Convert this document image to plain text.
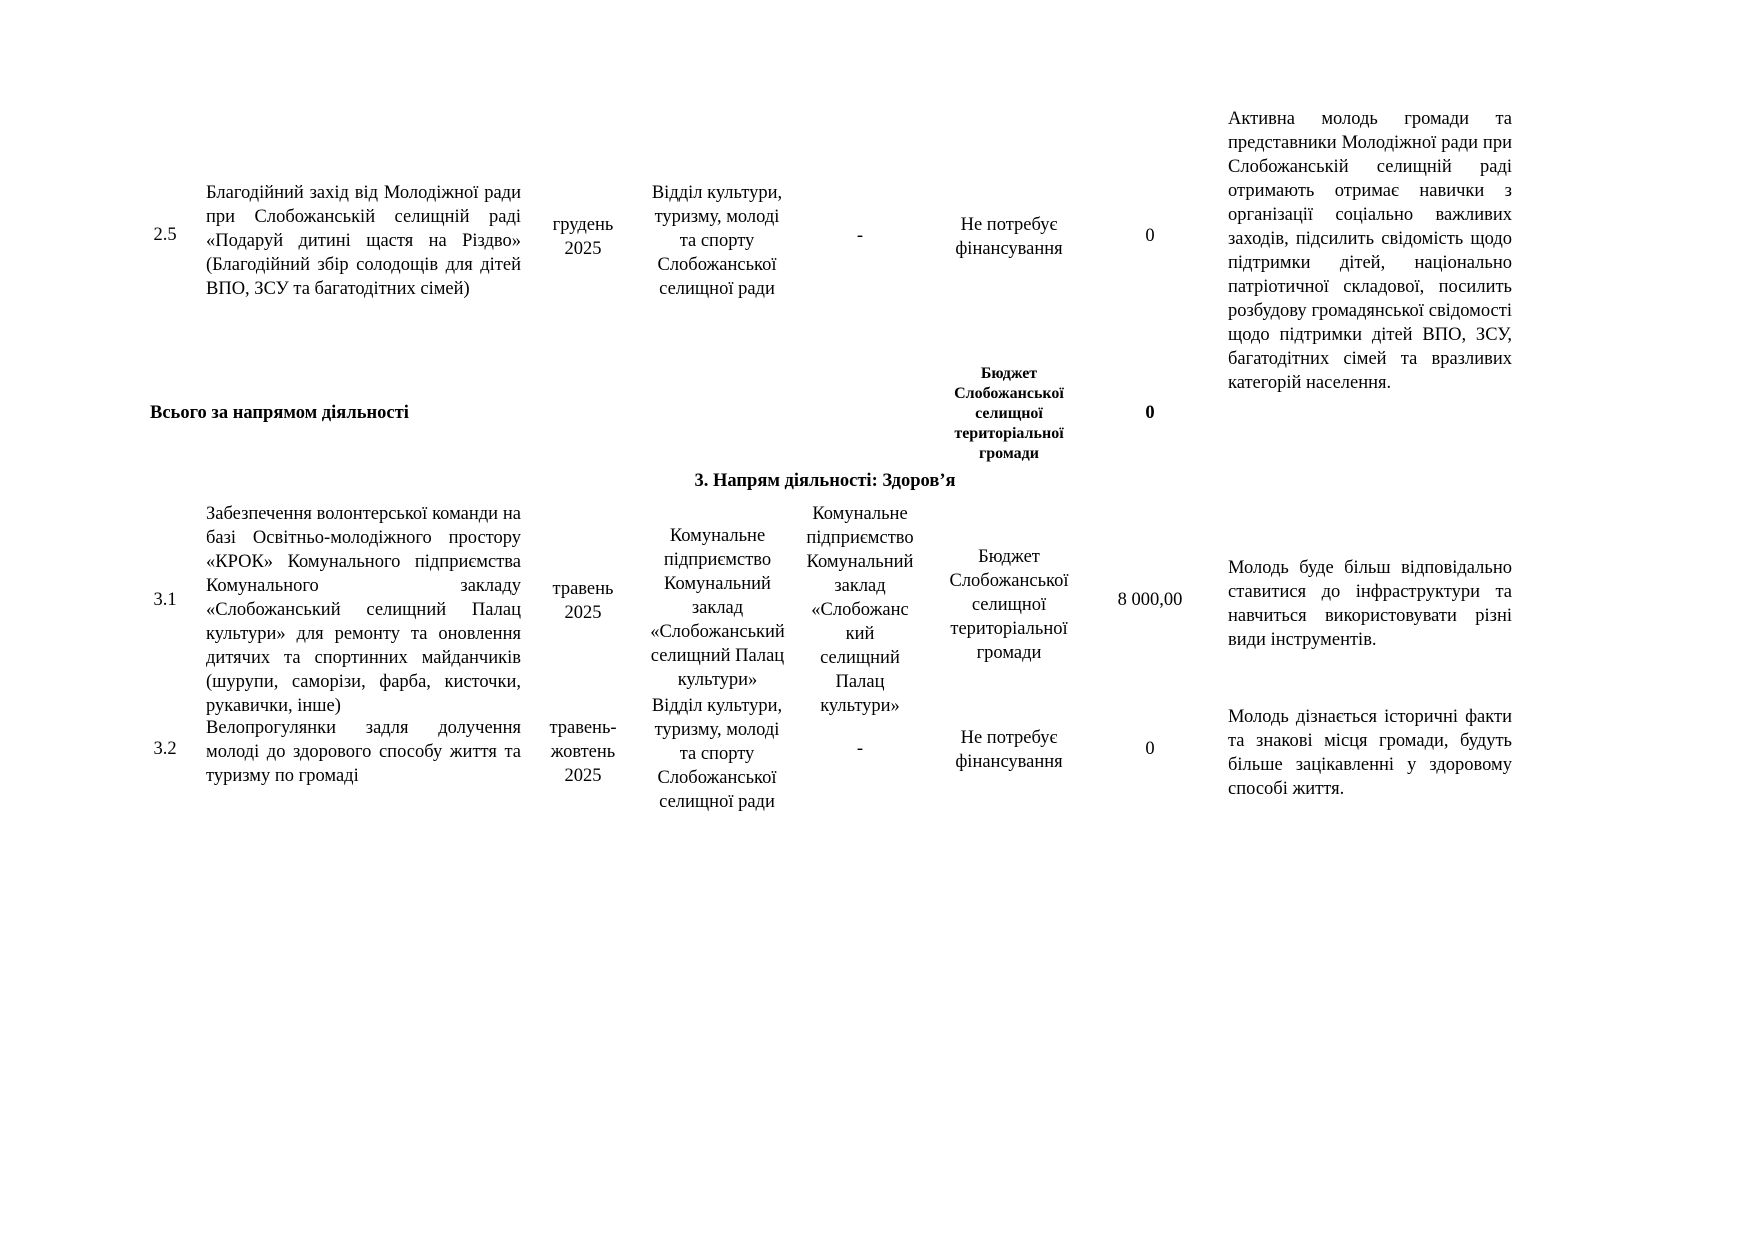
2.5
Благодійний захід від Молодіжної ради при Слобожанській селищній раді «Подаруй дитині щастя на Різдво» (Благодійний збір солодощів для дітей ВПО, ЗСУ та багатодітних сімей)
грудень 2025
Відділ культури, туризму, молоді та спорту Слобожанської селищної ради
-
Не потребує фінансування
0
Активна молодь громади та представники Молодіжної ради при Слобожанській селищній раді отримають отримає навички з організації соціально важливих заходів, підсилить свідомість щодо підтримки дітей, національно патріотичної складової, посилить розбудову громадянської свідомості щодо підтримки дітей ВПО, ЗСУ, багатодітних сімей та вразливих категорій населення.
Всього за напрямом діяльності
Бюджет Слобожанської селищної територіальної громади
0
3. Напрям діяльності: Здоров’я
3.1
Забезпечення волонтерської команди на базі Освітньо-молодіжного простору «КРОК» Комунального підприємства Комунального закладу «Слобожанський селищний Палац культури» для ремонту та оновлення дитячих та спортинних майданчиків (шурупи, саморізи, фарба, кисточки, рукавички, інше)
травень 2025
Комунальне підприємство Комунальний заклад «Слобожанський селищний Палац культури»
Комунальне
підприємство
Комунальний
заклад
«Слобожанс
кий
селищний
Палац
культури»
Бюджет Слобожанської селищної територіальної громади
8 000,00
Молодь буде більш відповідально ставитися до інфраструктури та навчиться використовувати різні види інструментів.
3.2
Велопрогулянки задля долучення молоді до здорового способу життя та туризму по громаді
травень-
жовтень
2025
Відділ культури, туризму, молоді та спорту Слобожанської селищної ради
-
Не потребує фінансування
0
Молодь дізнається історичні факти та знакові місця громади, будуть більше зацікавленні у здоровому способі життя.
